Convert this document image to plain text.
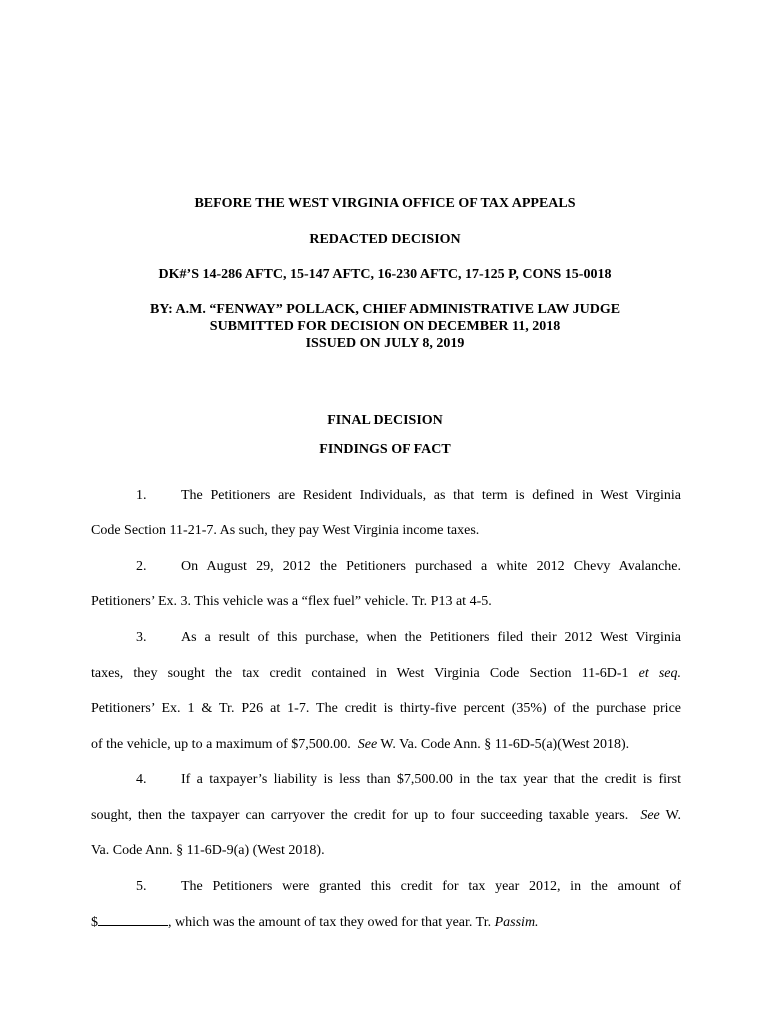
BEFORE THE WEST VIRGINIA OFFICE OF TAX APPEALS
REDACTED DECISION
DK#’S 14-286 AFTC, 15-147 AFTC, 16-230 AFTC, 17-125 P, CONS 15-0018
BY: A.M. “FENWAY” POLLACK, CHIEF ADMINISTRATIVE LAW JUDGE
SUBMITTED FOR DECISION ON DECEMBER 11, 2018
ISSUED ON JULY 8, 2019
FINAL DECISION
FINDINGS OF FACT
1. The Petitioners are Resident Individuals, as that term is defined in West Virginia
Code Section 11-21-7. As such, they pay West Virginia income taxes.
2. On August 29, 2012 the Petitioners purchased a white 2012 Chevy Avalanche.
Petitioners’ Ex. 3. This vehicle was a “flex fuel” vehicle. Tr. P13 at 4-5.
3. As a result of this purchase, when the Petitioners filed their 2012 West Virginia
taxes, they sought the tax credit contained in West Virginia Code Section 11-6D-1 et seq.
Petitioners’ Ex. 1 & Tr. P26 at 1-7. The credit is thirty-five percent (35%) of the purchase price
of the vehicle, up to a maximum of $7,500.00. See W. Va. Code Ann. § 11-6D-5(a)(West 2018).
4. If a taxpayer’s liability is less than $7,500.00 in the tax year that the credit is first
sought, then the taxpayer can carryover the credit for up to four succeeding taxable years. See W.
Va. Code Ann. § 11-6D-9(a) (West 2018).
5. The Petitioners were granted this credit for tax year 2012, in the amount of
$	, which was the amount of tax they owed for that year. Tr. Passim.
